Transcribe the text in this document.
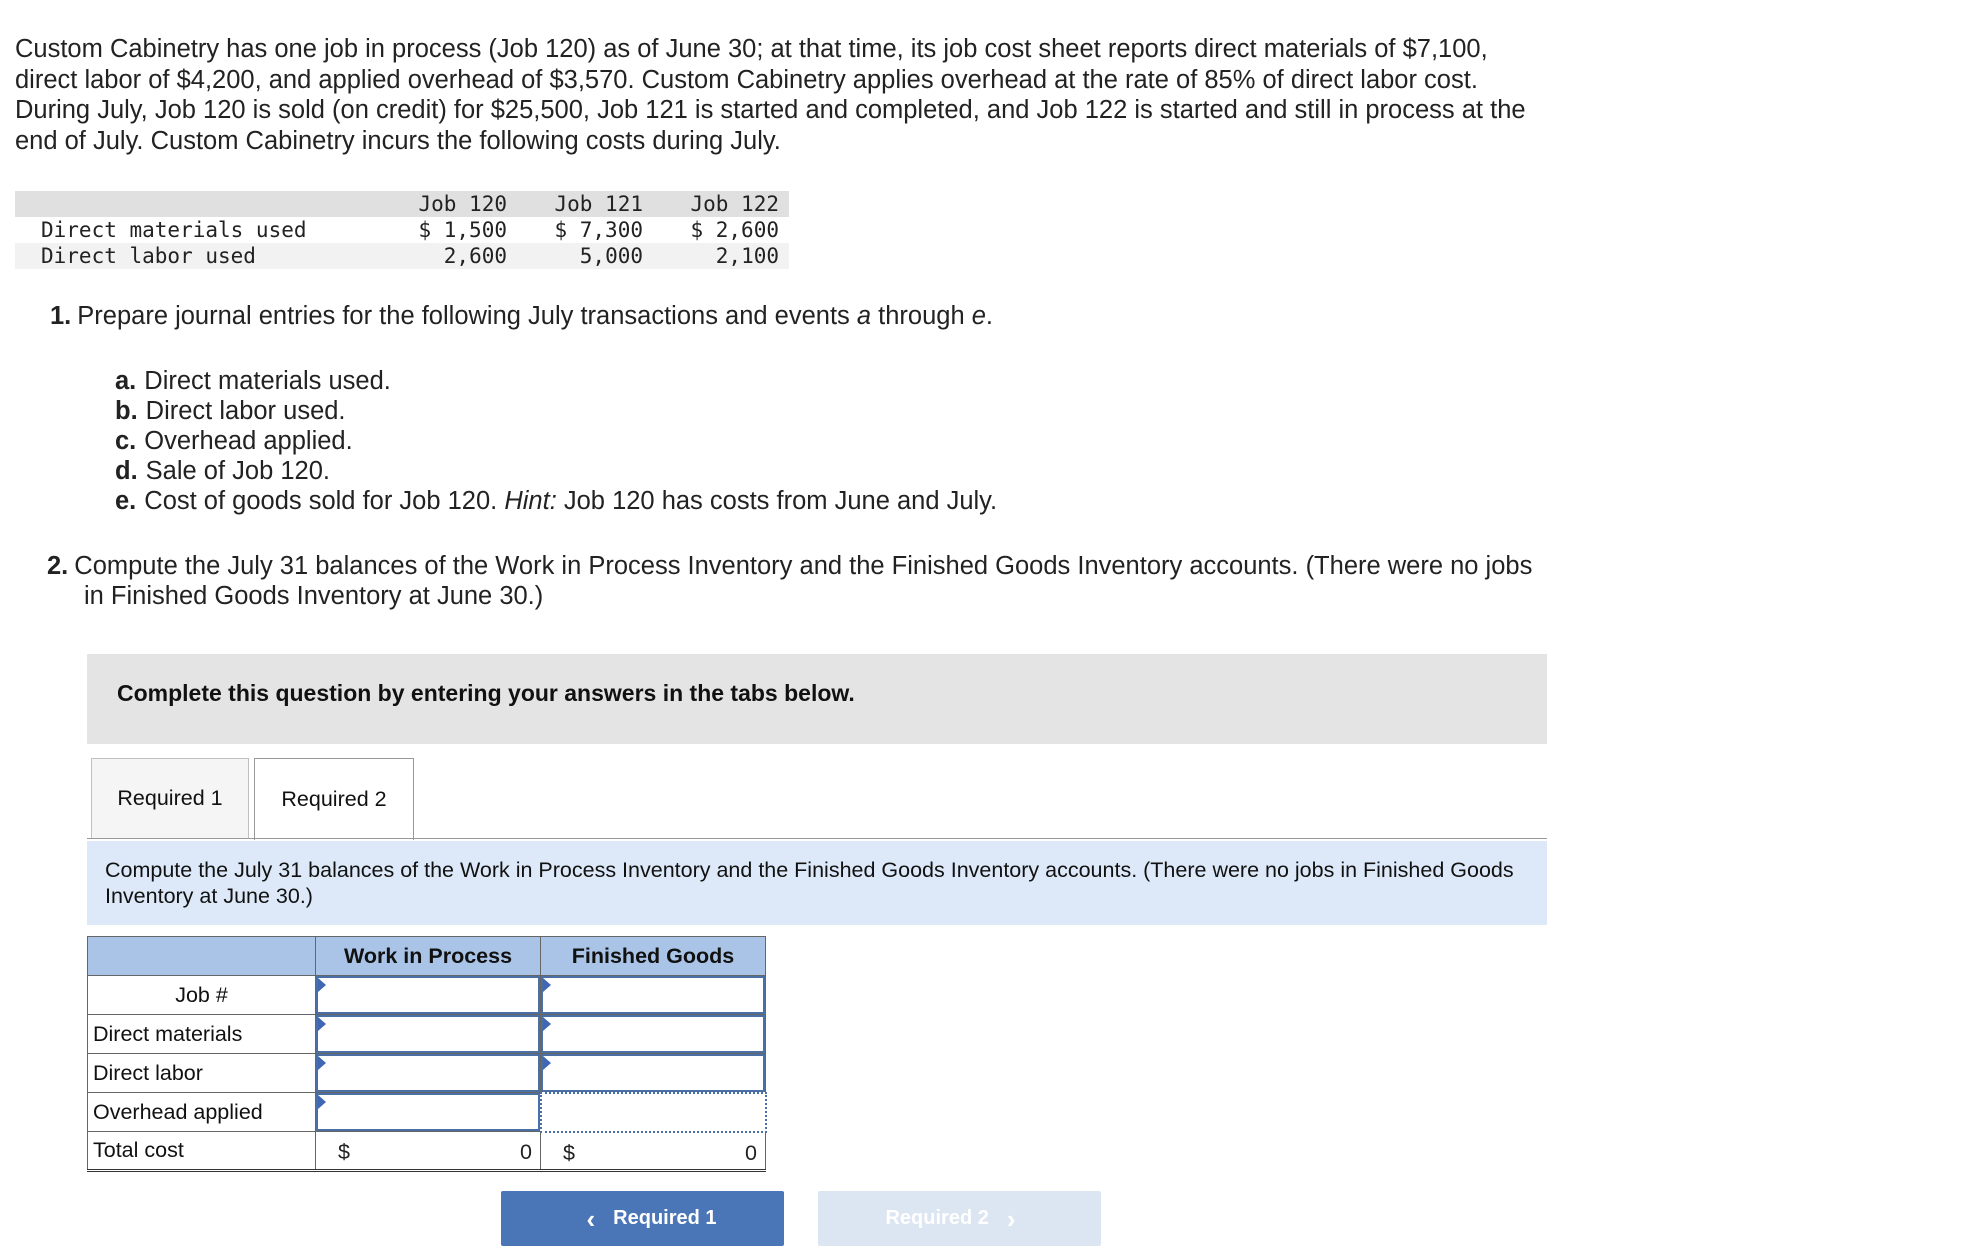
Custom Cabinetry has one job in process (Job 120) as of June 30; at that time, its job cost sheet reports direct materials of $7,100,

direct labor of $4,200, and applied overhead of $3,570. Custom Cabinetry applies overhead at the rate of 85% of direct labor cost.

During July, Job 120 is sold (on credit) for $25,500, Job 121 is started and completed, and Job 122 is started and still in process at the

end of July. Custom Cabinetry incurs the following costs during July.

	Job 120	Job 121	Job 122
Direct materials used	$ 1,500	$ 7,300	$ 2,600
Direct labor used	2,600	5,000	2,100
1. Prepare journal entries for the following July transactions and events a through e.
a. Direct materials used.
b. Direct labor used.
c. Overhead applied.
d. Sale of Job 120.
e. Cost of goods sold for Job 120. Hint: Job 120 has costs from June and July.
2. Compute the July 31 balances of the Work in Process Inventory and the Finished Goods Inventory accounts. (There were no jobs
in Finished Goods Inventory at June 30.)
Complete this question by entering your answers in the tabs below.
Required 1	Required 2
Compute the July 31 balances of the Work in Process Inventory and the Finished Goods Inventory accounts. (There were no jobs in Finished Goods Inventory at June 30.)
	Work in Process	Finished Goods
Job #	

Direct materials	

Direct labor	

Overhead applied	

Total cost	$ 0	$ 0
‹ Required 1	Required 2 ›
